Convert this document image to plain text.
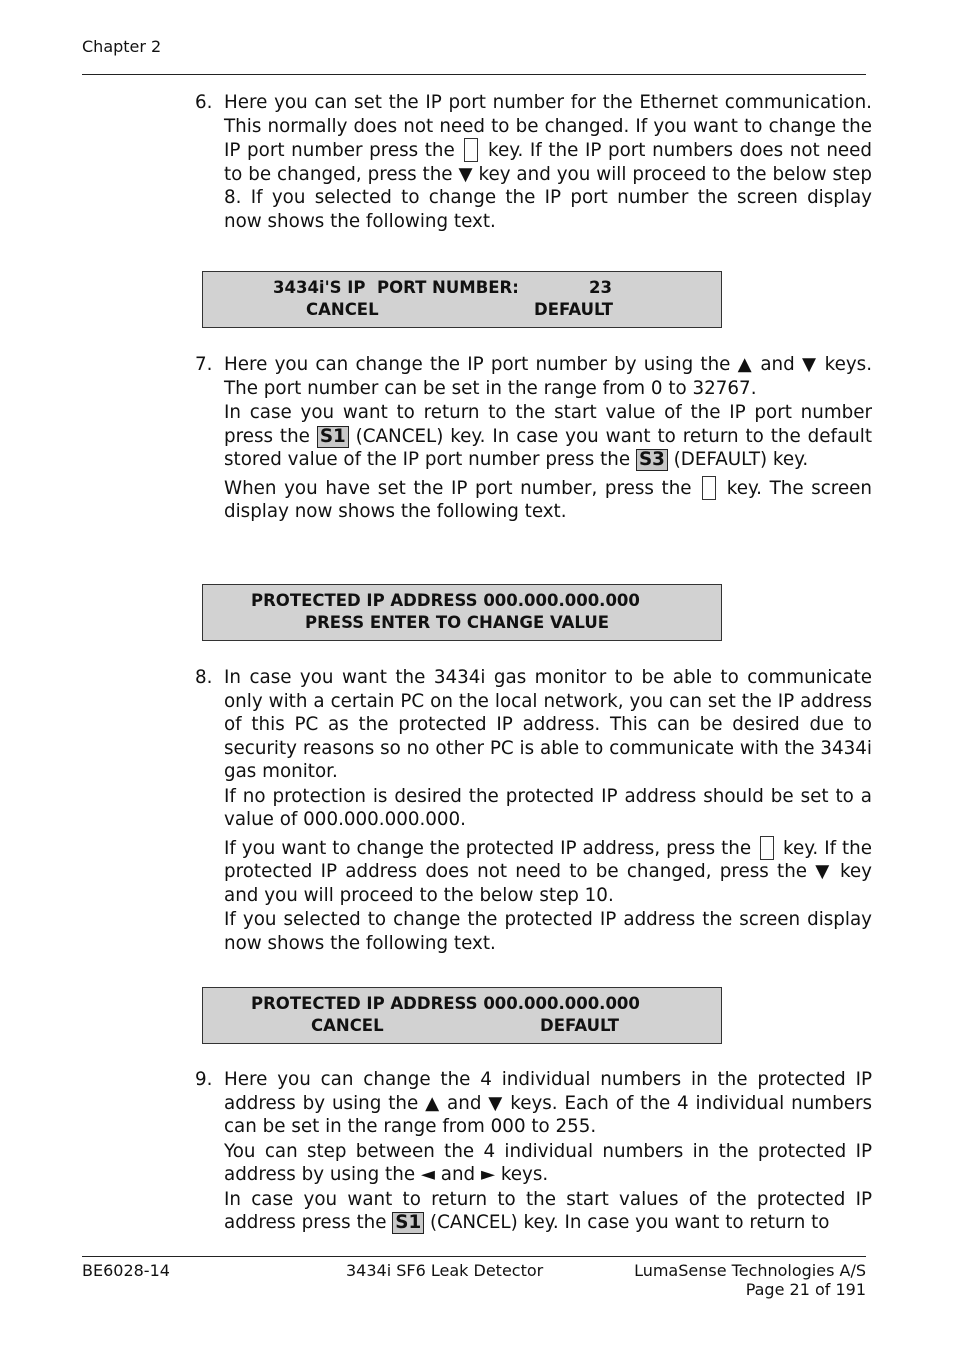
Chapter 2
6. Here you can set the IP port number for the Ethernet communication. This normally does not need to be changed. If you want to change the IP port number press the key. If the IP port numbers does not need to be changed, press the ▼ key and you will proceed to the below step 8. If you selected to change the IP port number the screen display now shows the following text.

3434i'S IP  PORT NUMBER:	23
CANCEL	DEFAULT
7. Here you can change the IP port number by using the ▲ and ▼ keys. The port number can be set in the range from 0 to 32767.

In case you want to return to the start value of the IP port number press the S1 (CANCEL) key. In case you want to return to the default stored value of the IP port number press the S3 (DEFAULT) key.

When you have set the IP port number, press the key. The screen display now shows the following text.

PROTECTED IP ADDRESS 000.000.000.000
PRESS ENTER TO CHANGE VALUE
8. In case you want the 3434i gas monitor to be able to communicate only with a certain PC on the local network, you can set the IP address of this PC as the protected IP address. This can be desired due to security reasons so no other PC is able to communicate with the 3434i gas monitor.

If no protection is desired the protected IP address should be set to a value of 000.000.000.000.

If you want to change the protected IP address, press the key. If the protected IP address does not need to be changed, press the ▼ key and you will proceed to the below step 10.

If you selected to change the protected IP address the screen display now shows the following text.

PROTECTED IP ADDRESS 000.000.000.000
CANCEL	DEFAULT
9. Here you can change the 4 individual numbers in the protected IP address by using the ▲ and ▼ keys. Each of the 4 individual numbers can be set in the range from 000 to 255.

You can step between the 4 individual numbers in the protected IP address by using the ◄ and ► keys.

In case you want to return to the start values of the protected IP address press the S1 (CANCEL) key. In case you want to return to

BE6028-14	3434i SF6 Leak Detector	LumaSense Technologies A/S
Page 21 of 191
